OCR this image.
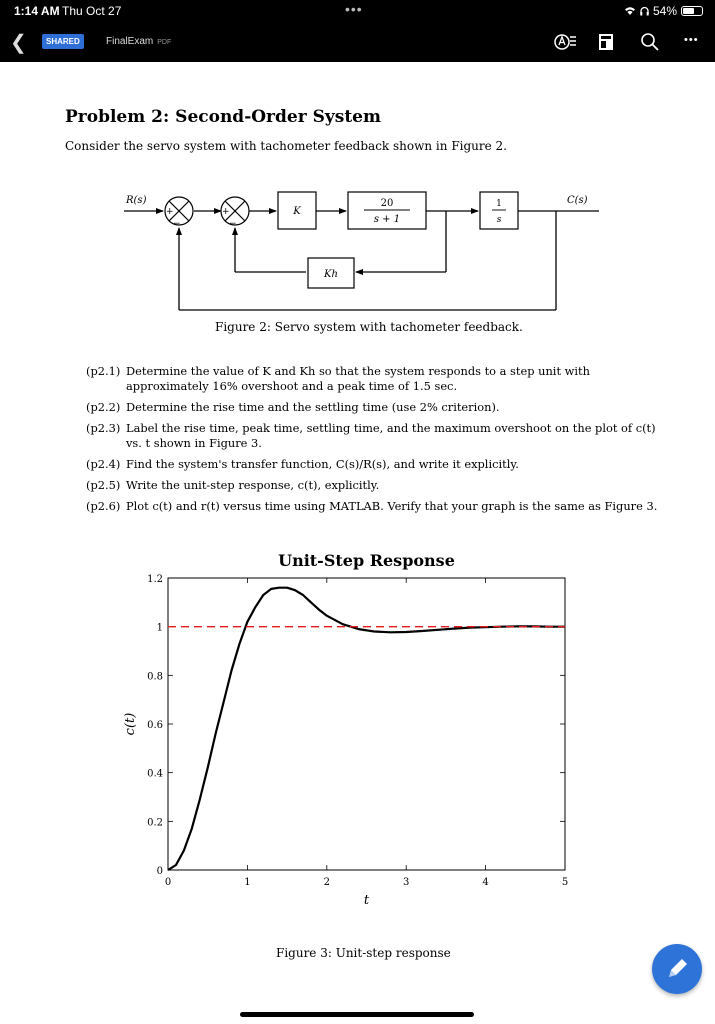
1:14 AM Thu Oct 27	•••	54%
❮	SHARED	FinalExam PDF	•••
Problem 2: Second-Order System
Consider the servo system with tachometer feedback shown in Figure 2.
+
−
+
−
K
20
s + 1
1
s
Kh
R(s)	C(s)
Figure 2: Servo system with tachometer feedback.
(p2.1) Determine the value of K and Kh so that the system responds to a step unit with approximately 16% overshoot and a peak time of 1.5 sec.
(p2.2) Determine the rise time and the settling time (use 2% criterion).
(p2.3) Label the rise time, peak time, settling time, and the maximum overshoot on the plot of c(t) vs. t shown in Figure 3.
(p2.4) Find the system's transfer function, C(s)/R(s), and write it explicitly.
(p2.5) Write the unit-step response, c(t), explicitly.
(p2.6) Plot c(t) and r(t) versus time using MATLAB. Verify that your graph is the same as Figure 3.
0	1	2	3	4	5
0
0.2
0.4
0.6
0.8
1
1.2
Unit-Step Response
t
c(t)
Figure 3: Unit-step response
